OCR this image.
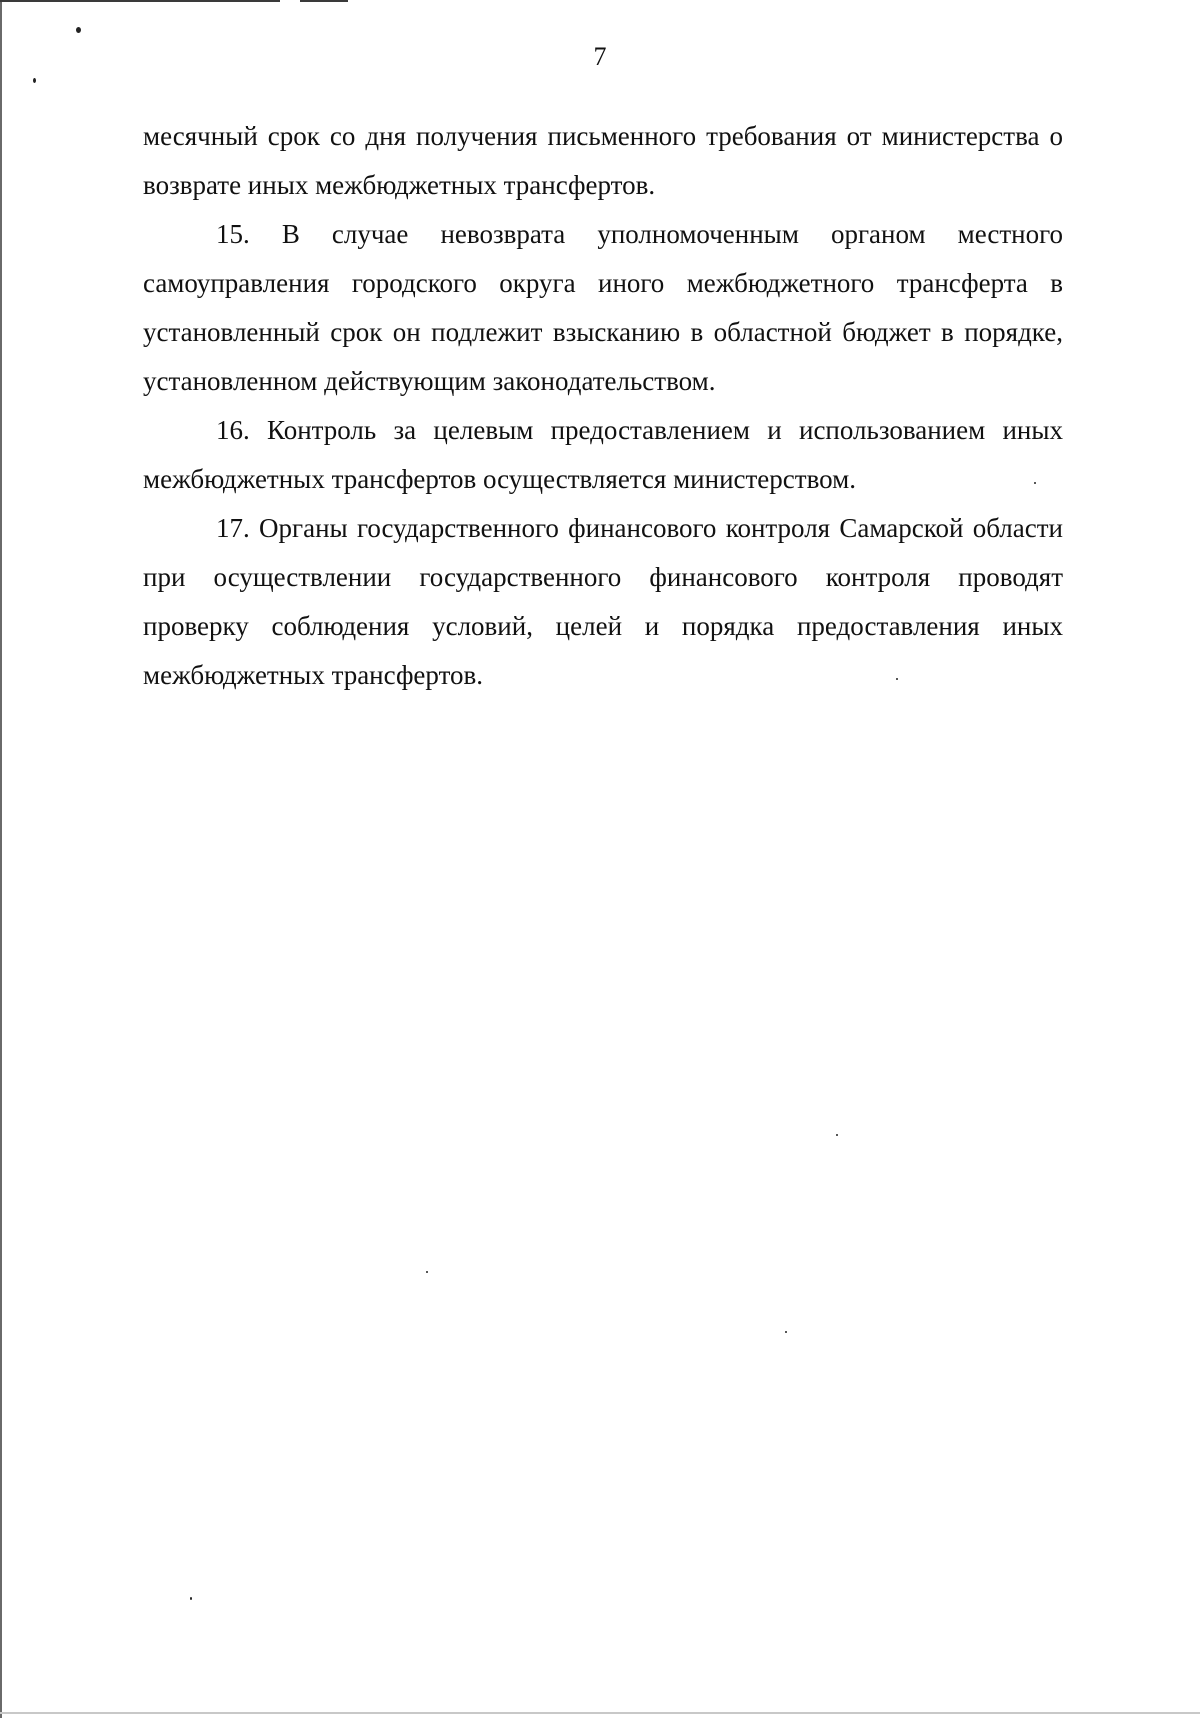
7

месячный срок со дня получения письменного требования от министерства о возврате иных межбюджетных трансфертов.

15. В случае невозврата уполномоченным органом местного самоуправления городского округа иного межбюджетного трансферта в установленный срок он подлежит взысканию в областной бюджет в порядке, установленном действующим законодательством.

16. Контроль за целевым предоставлением и использованием иных межбюджетных трансфертов осуществляется министерством.

17. Органы государственного финансового контроля Самарской области при осуществлении государственного финансового контроля проводят проверку соблюдения условий, целей и порядка предоставления иных межбюджетных трансфертов.
